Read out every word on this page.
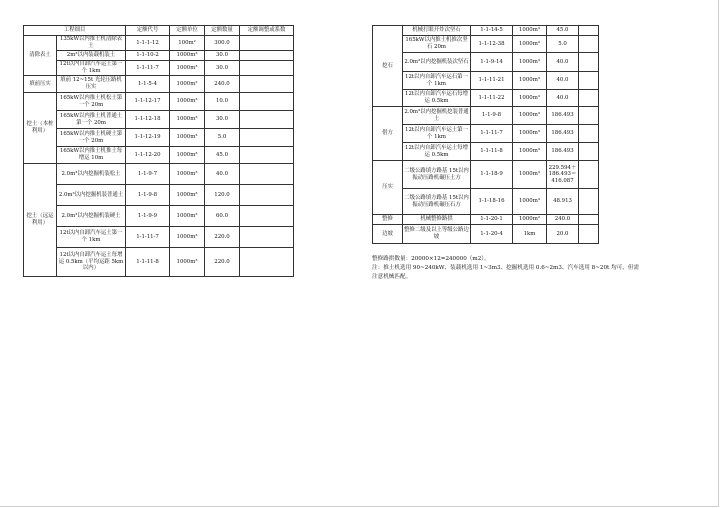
工程细目		定额代号	定额单位	定额数量	定额调整或系数
清除表土	135kW以内推土机清除表土	1-1-1-12	100m²	300.0	
	2m³以内装载机装土	1-1-10-2	1000m³	30.0	
	12t以内自卸汽车运土第一个 1km	1-1-11-7	1000m³	30.0	
填前压实	填前 12~15t 光轮压路机压实	1-1-5-4	1000m²	240.0	
挖土（本桩利用）	165kW以内推土机松土第一个 20m	1-1-12-17	1000m³	10.0	
	165kW以内推土机普通土第一个 20m	1-1-12-18	1000m³	30.0	
	165kW以内推土机硬土第一个 20m	1-1-12-19	1000m³	5.0	
	165kW以内推土机推土每增运 10m	1-1-12-20	1000m³	45.0	
挖土（远运利用）	2.0m³以内挖掘机装松土	1-1-9-7	1000m³	40.0	
	2.0m³以内挖掘机装普通土	1-1-9-8	1000m³	120.0	
	2.0m³以内挖掘机装硬土	1-1-9-9	1000m³	60.0	
	12t以内自卸汽车运土第一个 1km	1-1-11-7	1000m³	220.0	
	12t以内自卸汽车运土每增运 0.5km（平均运距 5km以内）	1-1-11-8	1000m³	220.0	
挖石	机械打眼开炸次坚石	1-1-14-5	1000m³	45.0	
	165kW以内推土机推次坚石 20m	1-1-12-38	1000m³	5.0	
	2.0m³以内挖掘机装次坚石	1-1-9-14	1000m³	40.0	
	12t以内自卸汽车运石第一个 1km	1-1-11-21	1000m³	40.0	
	12t以内自卸汽车运石每增运 0.5km	1-1-11-22	1000m³	40.0	
借方	2.0m³以内挖掘机挖装普通土	1-1-9-8	1000m³	186.493	
	12t以内自卸汽车运土第一个 1km	1-1-11-7	1000m³	186.493	
	12t以内自卸汽车运土每增运 0.5km	1-1-11-8	1000m³	186.493	
压实	二级公路填方路基 15t以内振动压路机碾压土方	1-1-18-9	1000m³	229.594＋186.493＝416.087	
	二级公路填方路基 15t以内振动压路机碾压石方	1-1-18-16	1000m³	48.913	
整修	机械整修路拱	1-1-20-1	1000m²	240.0	
边坡	整修二级及以上等级公路边坡	1-1-20-4	1km	20.0	
整修路拱数量：20000×12=240000（m2）。
注：推土机选用 90~240kW、装载机选用 1~3m3、挖掘机选用 0.6~2m3、汽车选用 8~20t 均可，但需
注意机械匹配。
